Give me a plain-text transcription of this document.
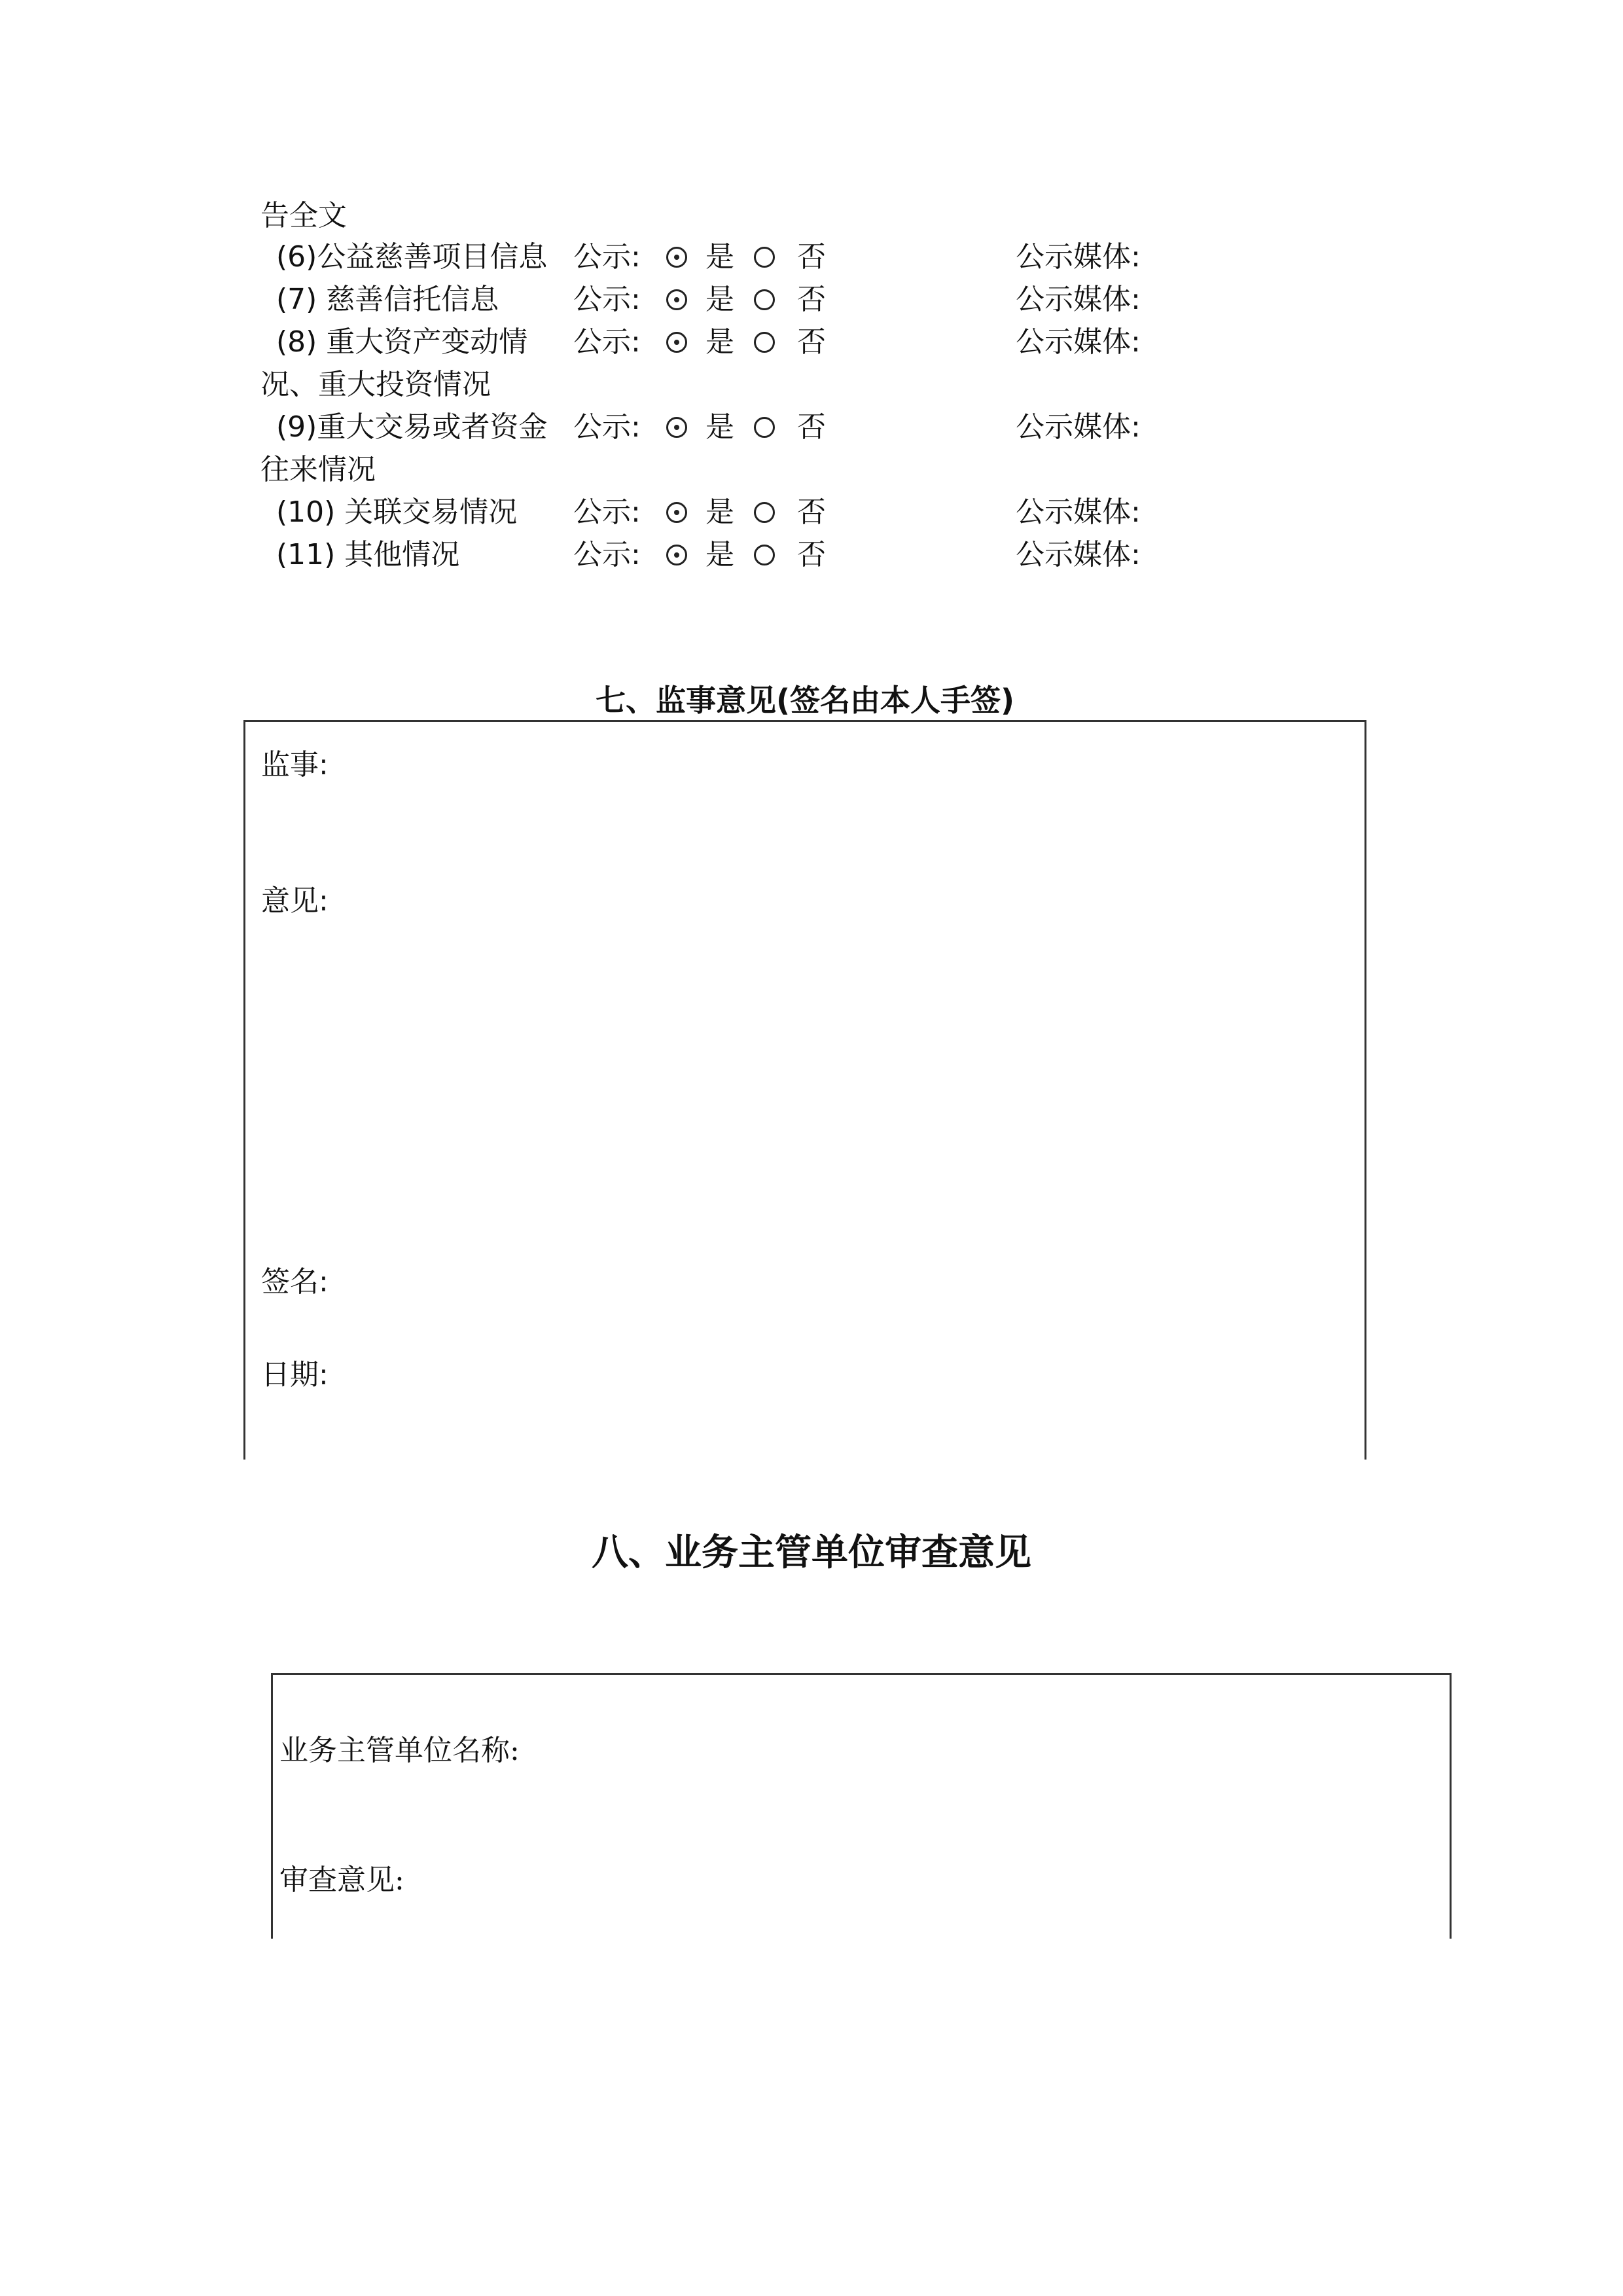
告全文
(6)公益慈善项目信息 公示: 是 否	公示媒体:
(7) 慈善信托信息	公示: 是 否	公示媒体:
(8) 重大资产变动情 公示: 是 否	公示媒体:
况、重大投资情况
(9)重大交易或者资金 公示: 是 否	公示媒体:
往来情况
(10) 关联交易情况 公示: 是 否	公示媒体:
(11) 其他情况	公示: 是 否	公示媒体:
七、监事意见(签名由本人手签)
监事:
意见:
签名:
日期:
八、业务主管单位审查意见
业务主管单位名称:
审查意见:
